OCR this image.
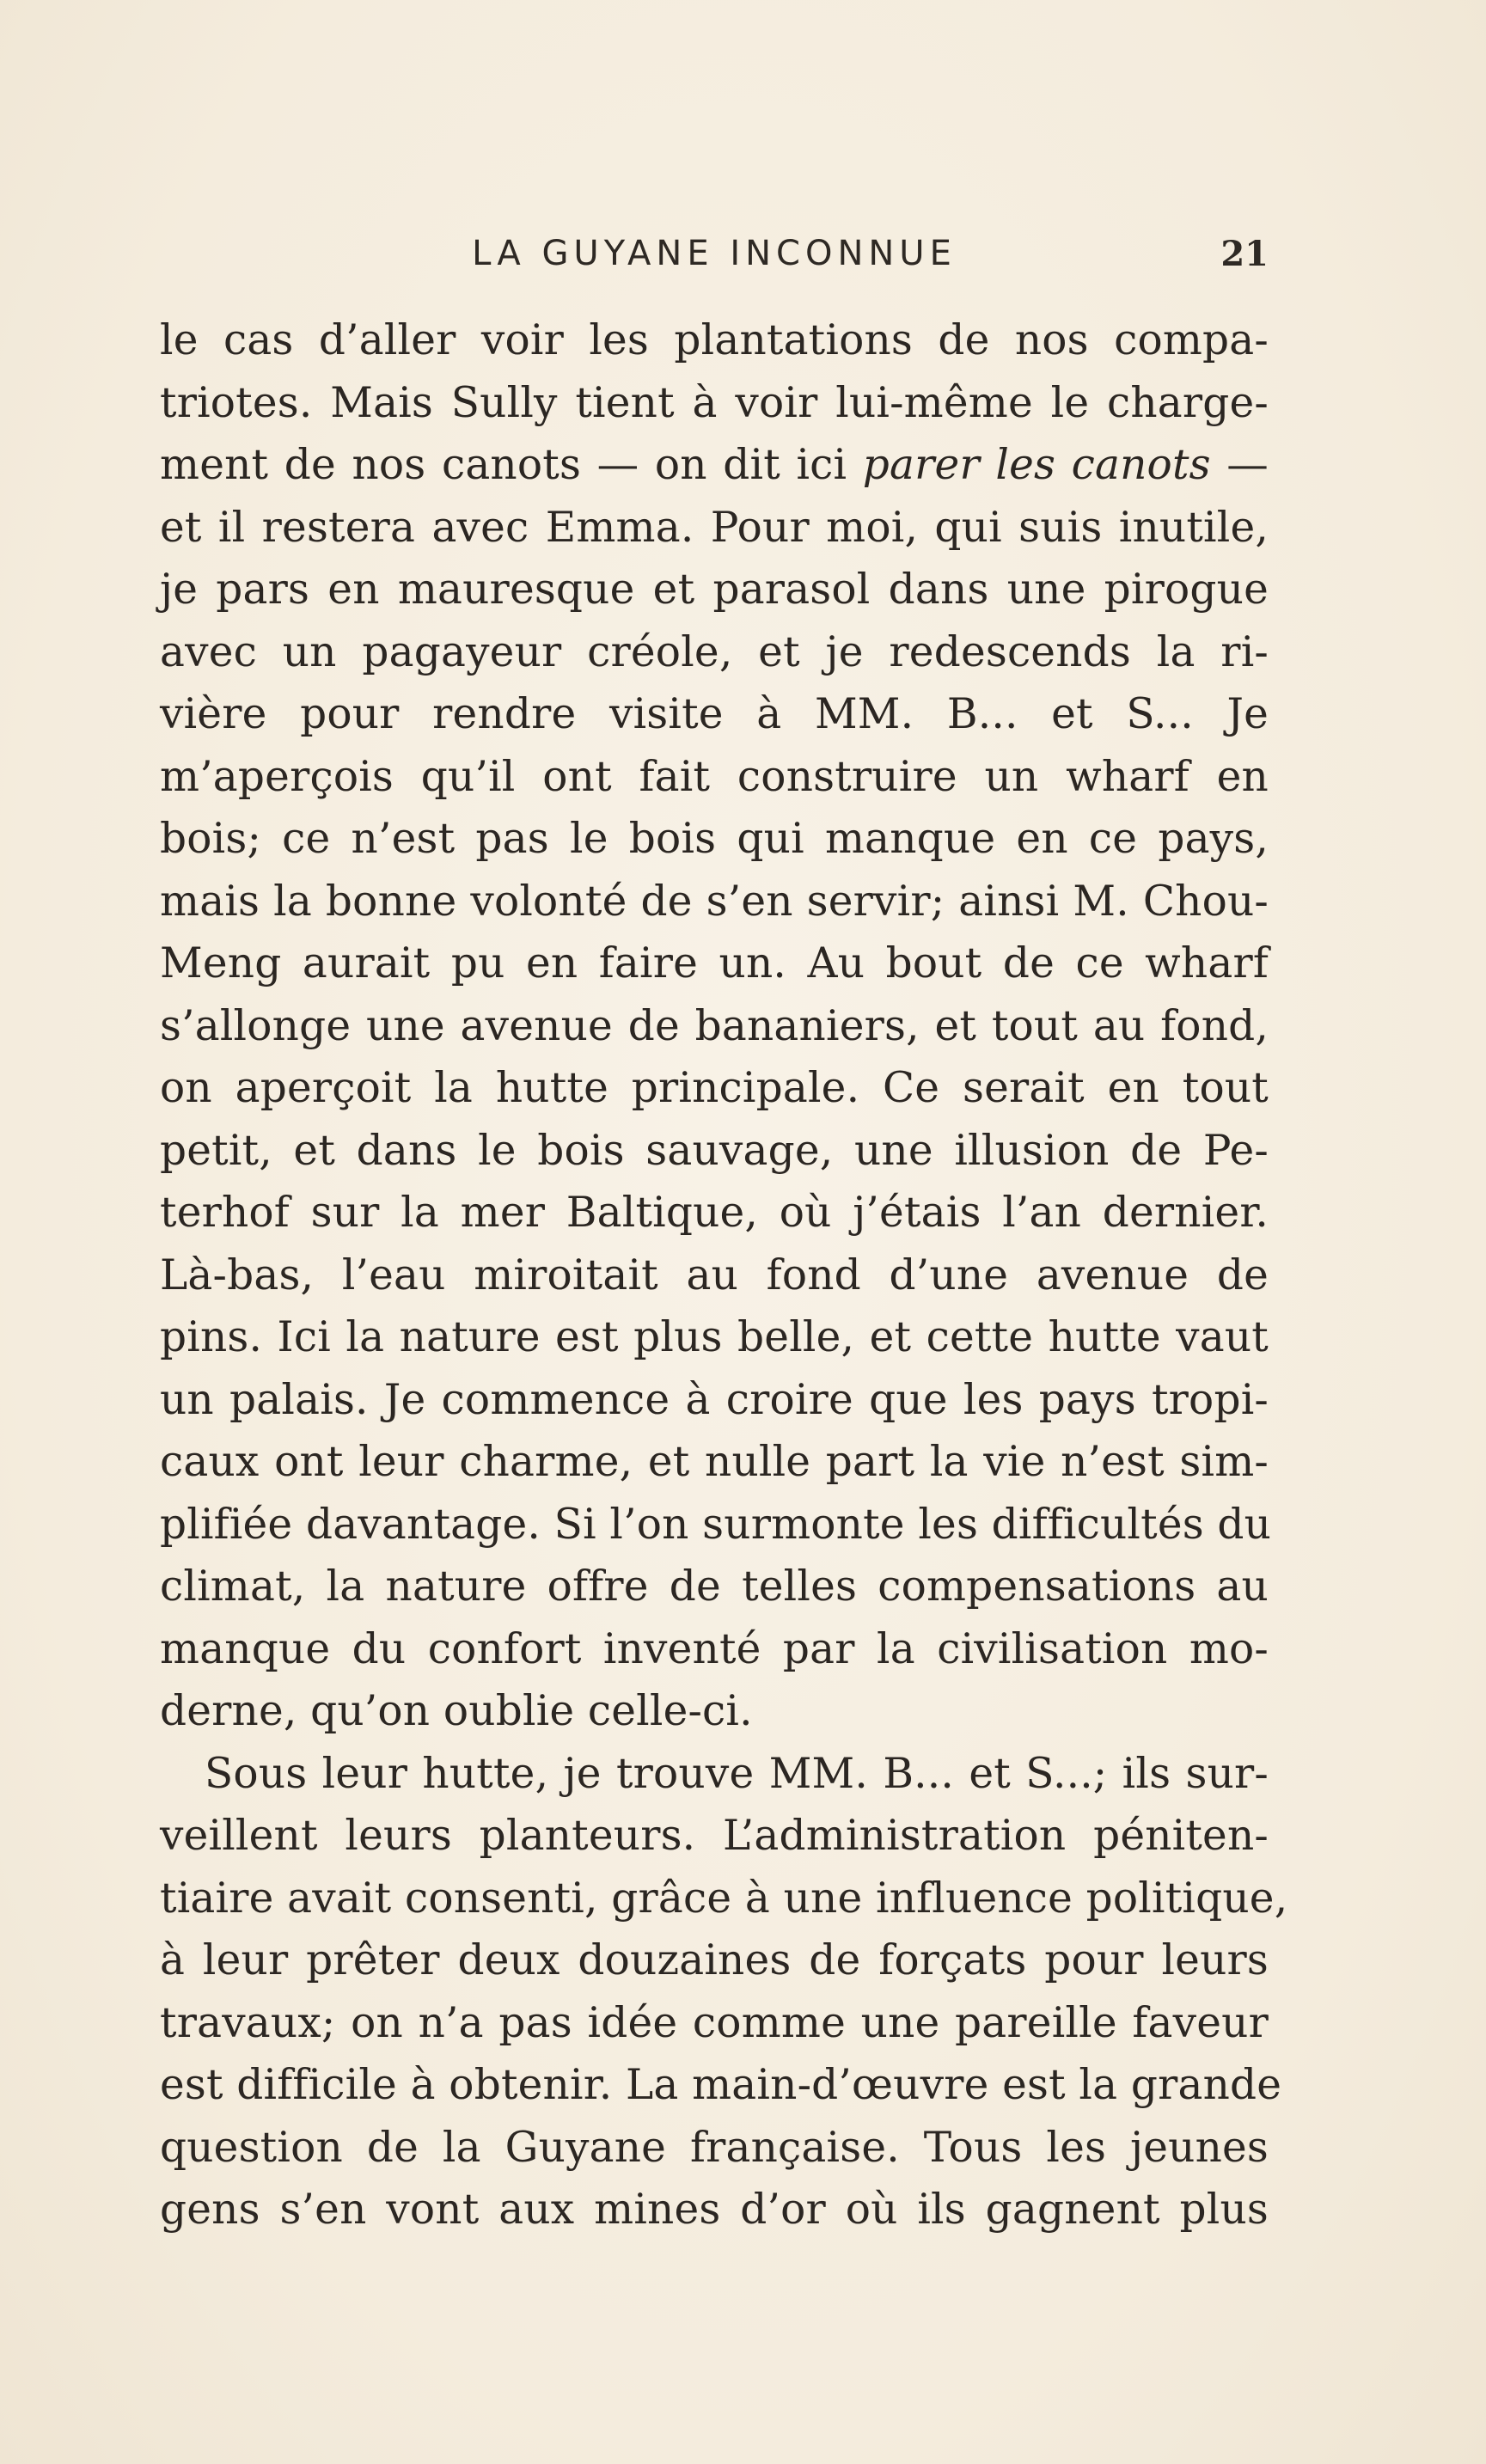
LA GUYANE INCONNUE	21
le cas d’aller voir les plantations de nos compa-
triotes. Mais Sully tient à voir lui-même le charge-
ment de nos canots — on dit ici parer les canots —
et il restera avec Emma. Pour moi, qui suis inutile,
je pars en mauresque et parasol dans une pirogue
avec un pagayeur créole, et je redescends la ri-
vière pour rendre visite à MM. B... et S... Je
m’aperçois qu’il ont fait construire un wharf en
bois; ce n’est pas le bois qui manque en ce pays,
mais la bonne volonté de s’en servir; ainsi M. Chou-
Meng aurait pu en faire un. Au bout de ce wharf
s’allonge une avenue de bananiers, et tout au fond,
on aperçoit la hutte principale. Ce serait en tout
petit, et dans le bois sauvage, une illusion de Pe-
terhof sur la mer Baltique, où j’étais l’an dernier.
Là-bas, l’eau miroitait au fond d’une avenue de
pins. Ici la nature est plus belle, et cette hutte vaut
un palais. Je commence à croire que les pays tropi-
caux ont leur charme, et nulle part la vie n’est sim-
plifiée davantage. Si l’on surmonte les difficultés du
climat, la nature offre de telles compensations au
manque du confort inventé par la civilisation mo-
derne, qu’on oublie celle-ci.
Sous leur hutte, je trouve MM. B... et S...; ils sur-
veillent leurs planteurs. L’administration péniten-
tiaire avait consenti, grâce à une influence politique,
à leur prêter deux douzaines de forçats pour leurs
travaux; on n’a pas idée comme une pareille faveur
est difficile à obtenir. La main-d’œuvre est la grande
question de la Guyane française. Tous les jeunes
gens s’en vont aux mines d’or où ils gagnent plus
